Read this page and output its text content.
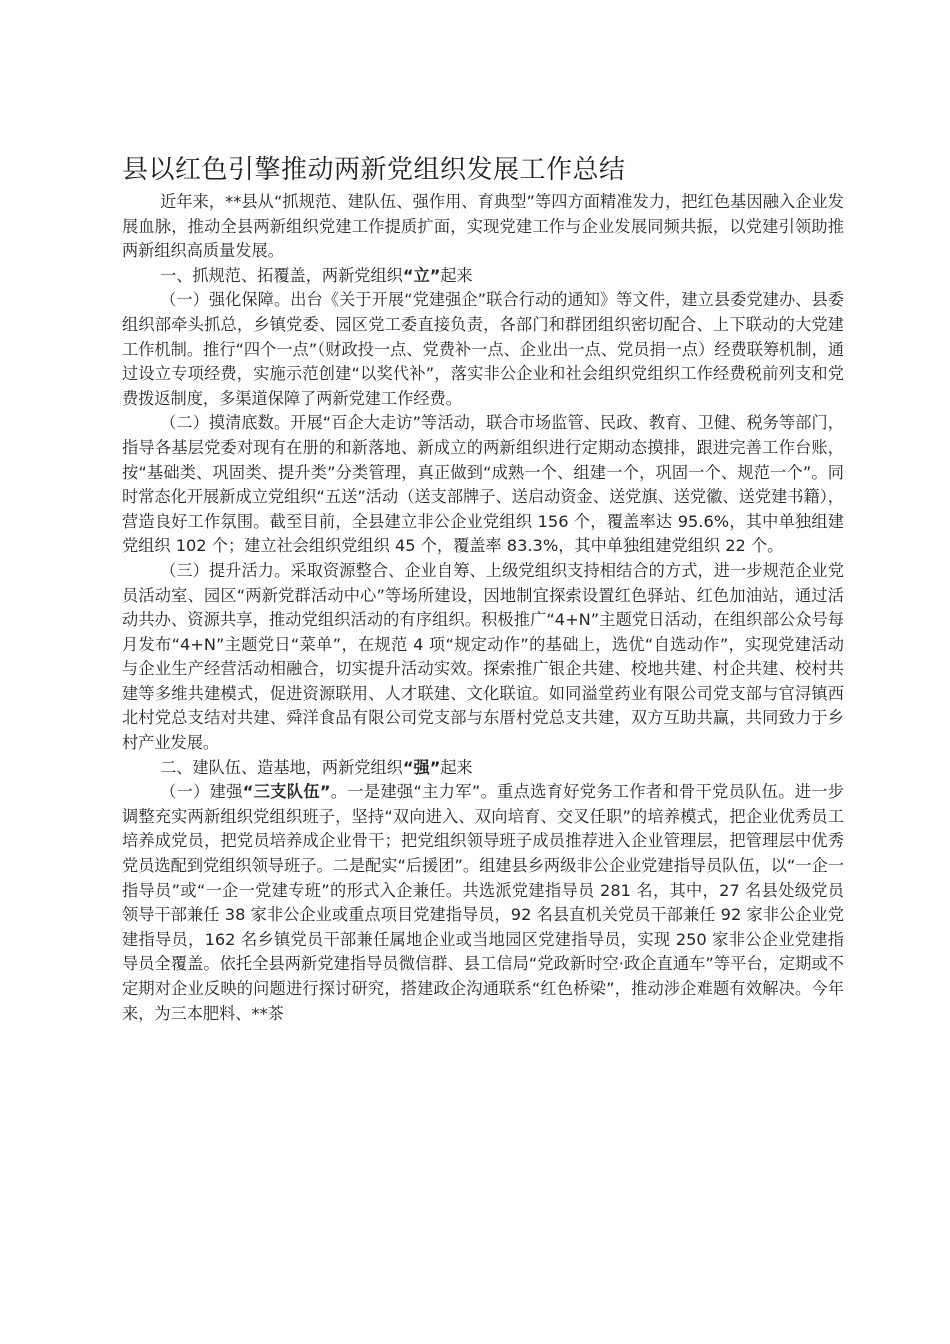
县以红色引擎推动两新党组织发展工作总结

近年来，**县从“抓规范、建队伍、强作用、育典型”等四方面精准发力，把红色基因融入企业发展血脉，推动全县两新组织党建工作提质扩面，实现党建工作与企业发展同频共振，以党建引领助推两新组织高质量发展。

一、抓规范、拓覆盖，两新党组织“立”起来

（一）强化保障。出台《关于开展“党建强企”联合行动的通知》等文件，建立县委党建办、县委组织部牵头抓总，乡镇党委、园区党工委直接负责，各部门和群团组织密切配合、上下联动的大党建工作机制。推行“四个一点”（财政投一点、党费补一点、企业出一点、党员捐一点）经费联筹机制，通过设立专项经费，实施示范创建“以奖代补”，落实非公企业和社会组织党组织工作经费税前列支和党费拨返制度，多渠道保障了两新党建工作经费。

（二）摸清底数。开展“百企大走访”等活动，联合市场监管、民政、教育、卫健、税务等部门，指导各基层党委对现有在册的和新落地、新成立的两新组织进行定期动态摸排，跟进完善工作台账，按“基础类、巩固类、提升类”分类管理，真正做到“成熟一个、组建一个，巩固一个、规范一个”。同时常态化开展新成立党组织“五送”活动（送支部牌子、送启动资金、送党旗、送党徽、送党建书籍），营造良好工作氛围。截至目前，全县建立非公企业党组织 156 个，覆盖率达 95.6%，其中单独组建党组织 102 个；建立社会组织党组织 45 个，覆盖率 83.3%，其中单独组建党组织 22 个。

（三）提升活力。采取资源整合、企业自筹、上级党组织支持相结合的方式，进一步规范企业党员活动室、园区“两新党群活动中心”等场所建设，因地制宜探索设置红色驿站、红色加油站，通过活动共办、资源共享，推动党组织活动的有序组织。积极推广“4+N”主题党日活动，在组织部公众号每月发布“4+N”主题党日“菜单”，在规范 4 项“规定动作”的基础上，选优“自选动作”，实现党建活动与企业生产经营活动相融合，切实提升活动实效。探索推广银企共建、校地共建、村企共建、校村共建等多维共建模式，促进资源联用、人才联建、文化联谊。如同溢堂药业有限公司党支部与官浔镇西北村党总支结对共建、舜洋食品有限公司党支部与东厝村党总支共建，双方互助共赢，共同致力于乡村产业发展。

二、建队伍、造基地，两新党组织“强”起来

（一）建强“三支队伍”。一是建强“主力军”。重点选育好党务工作者和骨干党员队伍。进一步调整充实两新组织党组织班子，坚持“双向进入、双向培育、交叉任职”的培养模式，把企业优秀员工培养成党员，把党员培养成企业骨干；把党组织领导班子成员推荐进入企业管理层，把管理层中优秀党员选配到党组织领导班子。二是配实“后援团”。组建县乡两级非公企业党建指导员队伍，以“一企一指导员”或“一企一党建专班”的形式入企兼任。共选派党建指导员 281 名，其中，27 名县处级党员领导干部兼任 38 家非公企业或重点项目党建指导员，92 名县直机关党员干部兼任 92 家非公企业党建指导员，162 名乡镇党员干部兼任属地企业或当地园区党建指导员，实现 250 家非公企业党建指导员全覆盖。依托全县两新党建指导员微信群、县工信局“党政新时空·政企直通车”等平台，定期或不定期对企业反映的问题进行探讨研究，搭建政企沟通联系“红色桥梁”，推动涉企难题有效解决。今年来，为三本肥料、**茶
